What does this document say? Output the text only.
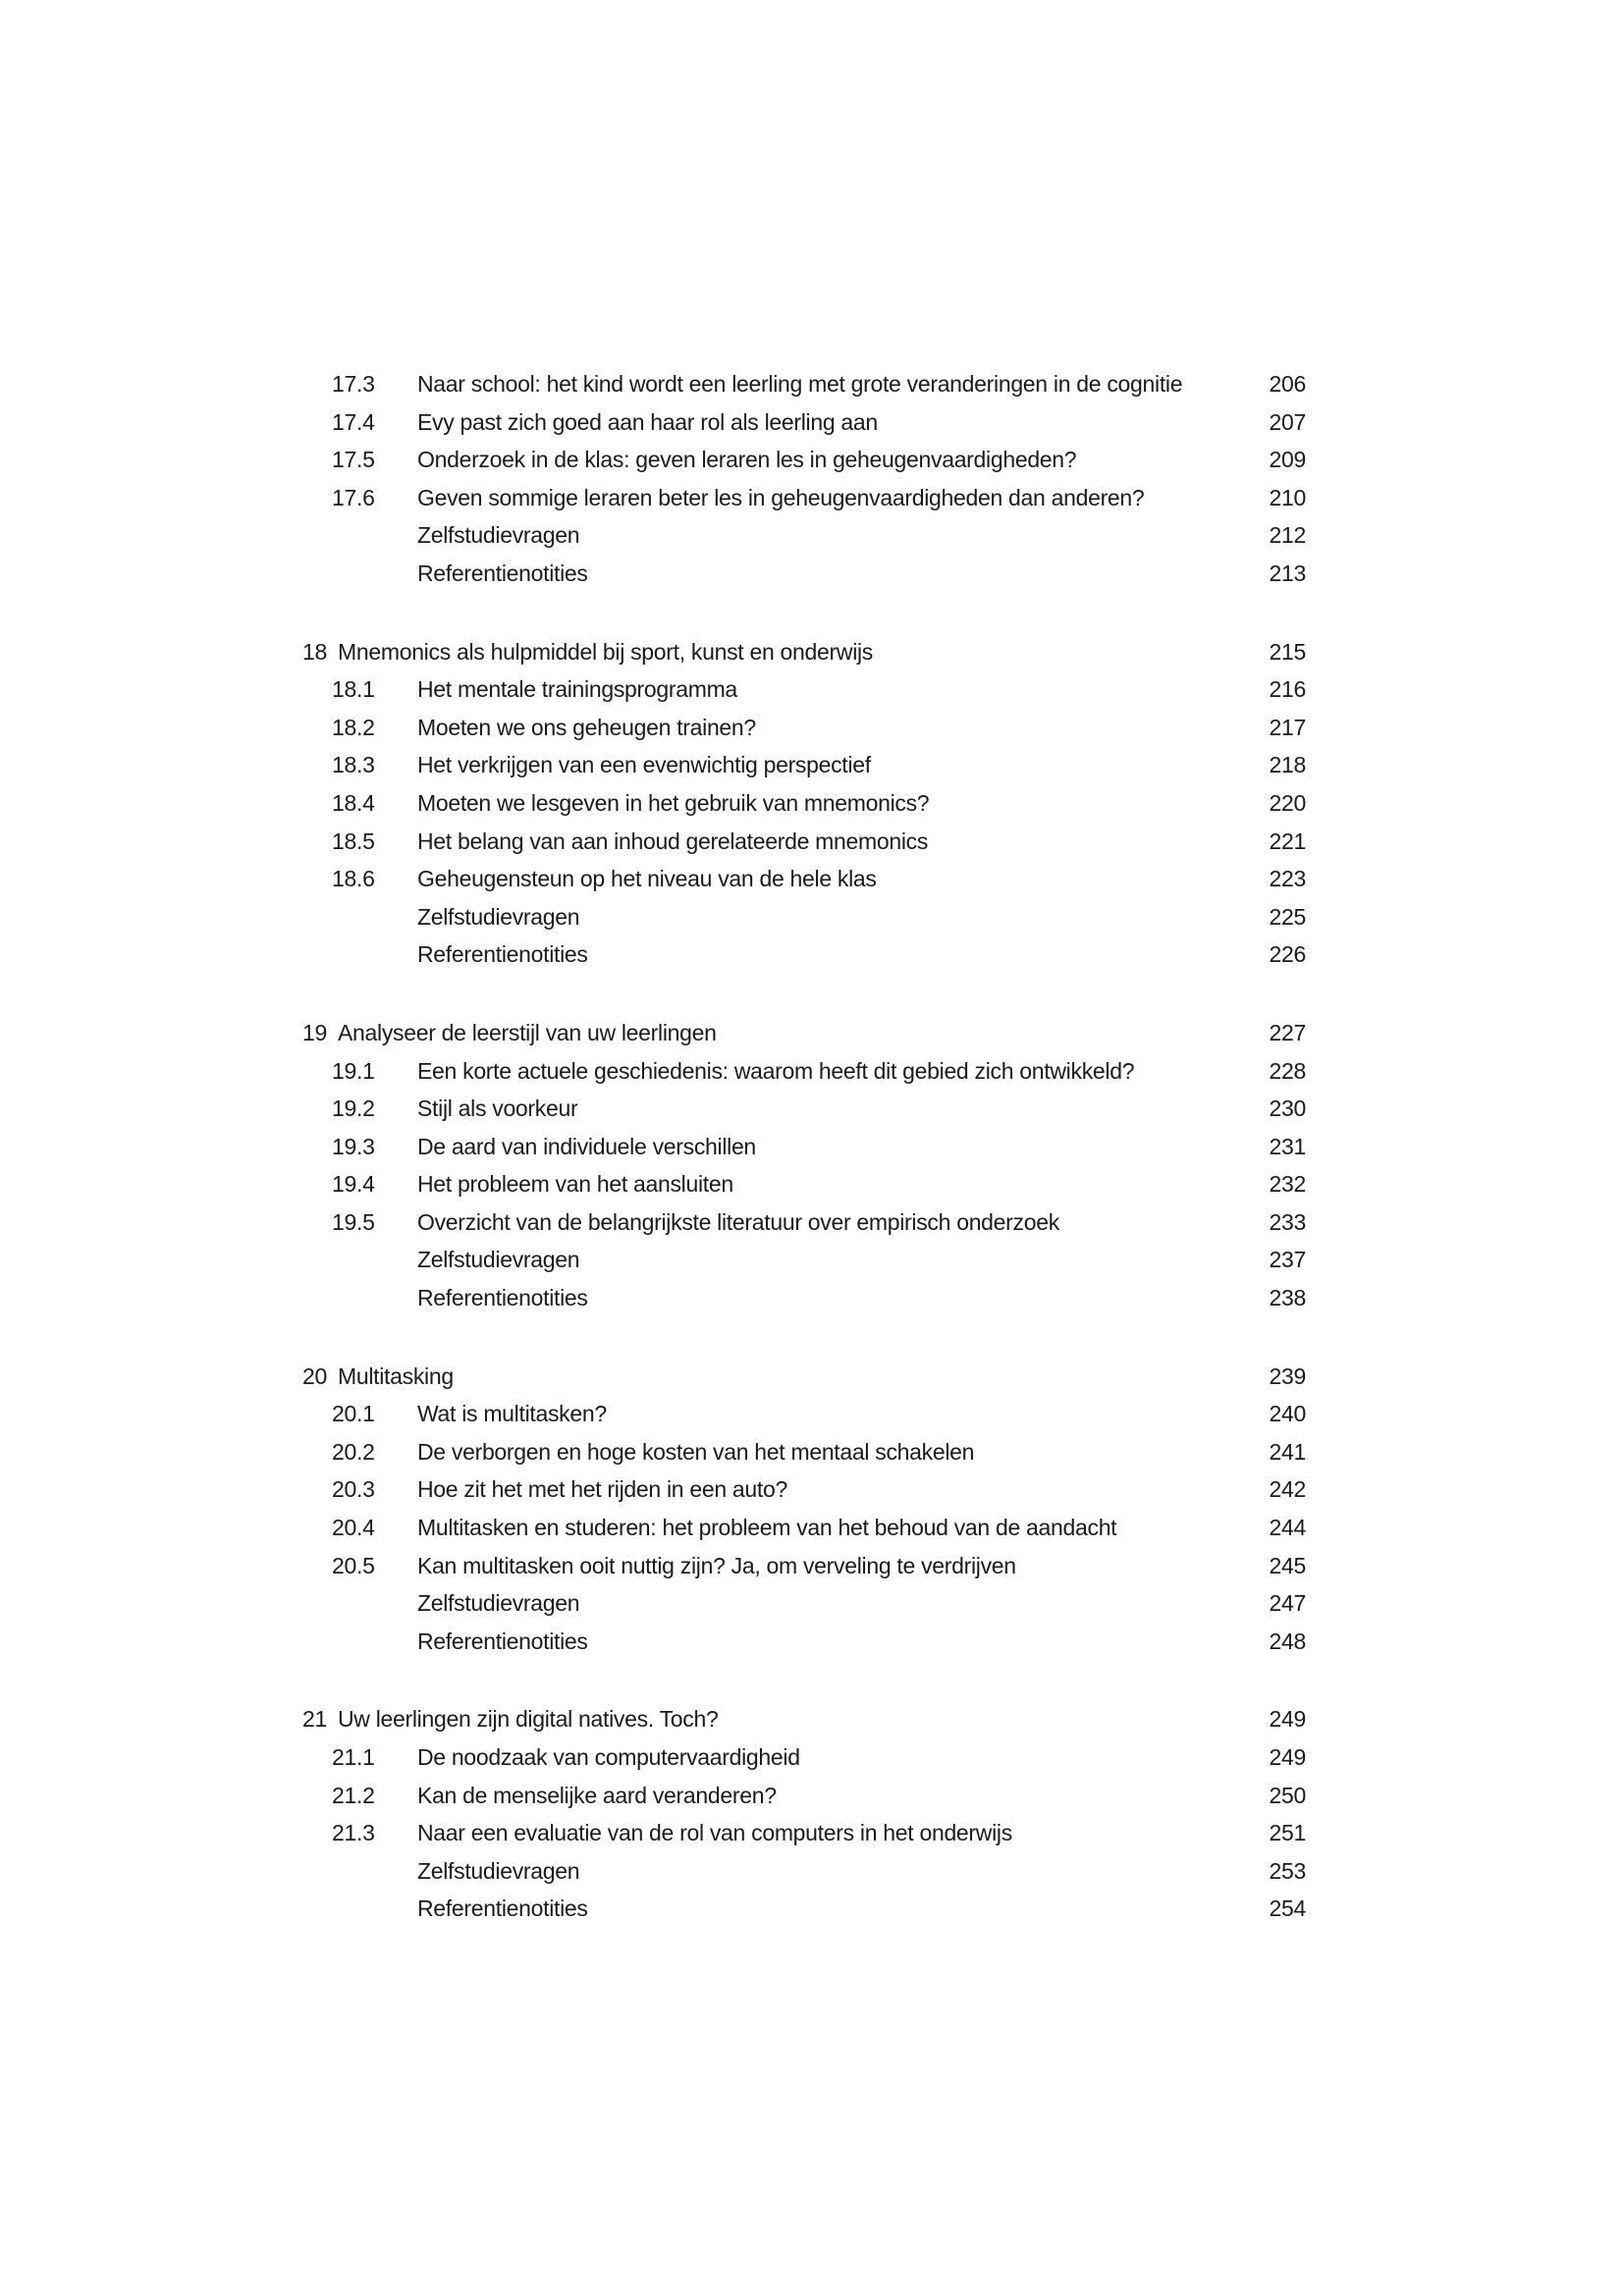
17.3	Naar school: het kind wordt een leerling met grote veranderingen in de cognitie	206
17.4	Evy past zich goed aan haar rol als leerling aan	207
17.5	Onderzoek in de klas: geven leraren les in geheugenvaardigheden?	209
17.6	Geven sommige leraren beter les in geheugenvaardigheden dan anderen?	210
Zelfstudievragen	212
Referentienotities	213
18 Mnemonics als hulpmiddel bij sport, kunst en onderwijs	215
18.1	Het mentale trainingsprogramma	216
18.2	Moeten we ons geheugen trainen?	217
18.3	Het verkrijgen van een evenwichtig perspectief	218
18.4	Moeten we lesgeven in het gebruik van mnemonics?	220
18.5	Het belang van aan inhoud gerelateerde mnemonics	221
18.6	Geheugensteun op het niveau van de hele klas	223
Zelfstudievragen	225
Referentienotities	226
19 Analyseer de leerstijl van uw leerlingen	227
19.1	Een korte actuele geschiedenis: waarom heeft dit gebied zich ontwikkeld?	228
19.2	Stijl als voorkeur	230
19.3	De aard van individuele verschillen	231
19.4	Het probleem van het aansluiten	232
19.5	Overzicht van de belangrijkste literatuur over empirisch onderzoek	233
Zelfstudievragen	237
Referentienotities	238
20 Multitasking	239
20.1	Wat is multitasken?	240
20.2	De verborgen en hoge kosten van het mentaal schakelen	241
20.3	Hoe zit het met het rijden in een auto?	242
20.4	Multitasken en studeren: het probleem van het behoud van de aandacht	244
20.5	Kan multitasken ooit nuttig zijn? Ja, om verveling te verdrijven	245
Zelfstudievragen	247
Referentienotities	248
21 Uw leerlingen zijn digital natives. Toch?	249
21.1	De noodzaak van computervaardigheid	249
21.2	Kan de menselijke aard veranderen?	250
21.3	Naar een evaluatie van de rol van computers in het onderwijs	251
Zelfstudievragen	253
Referentienotities	254
